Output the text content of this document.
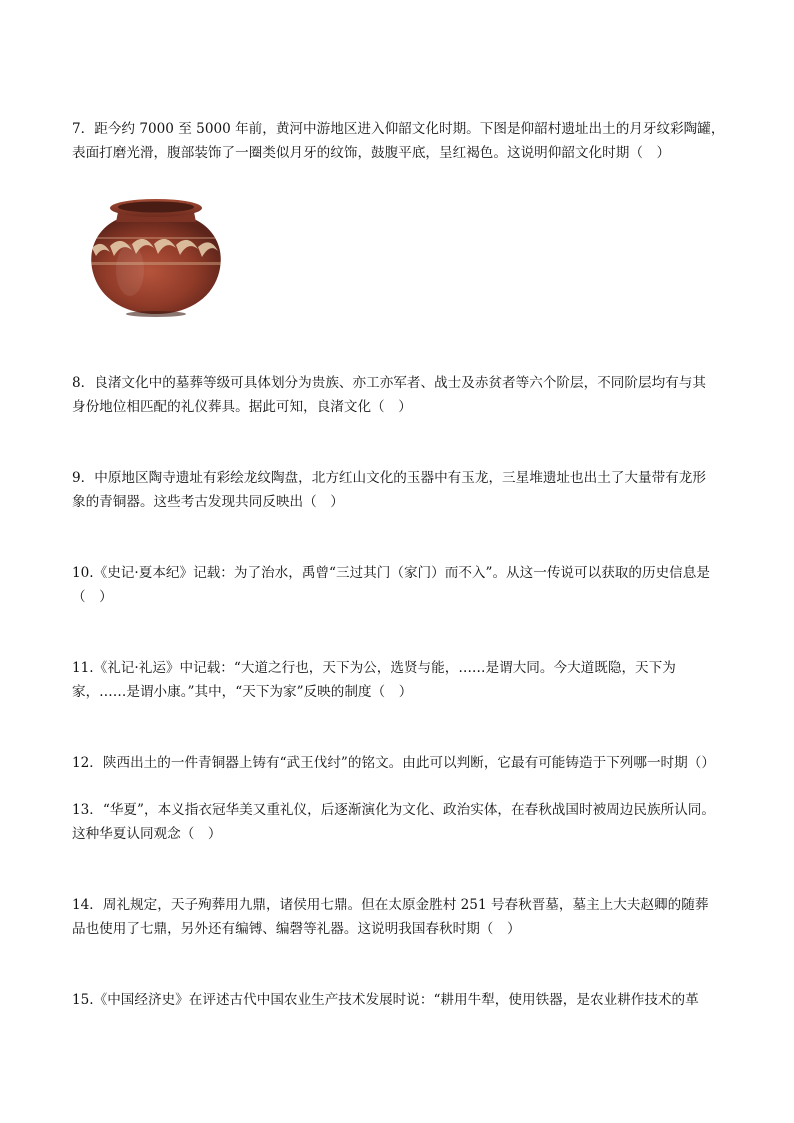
7．距今约 7000 至 5000 年前，黄河中游地区进入仰韶文化时期。下图是仰韶村遗址出土的月牙纹彩陶罐，
表面打磨光滑，腹部装饰了一圈类似月牙的纹饰，鼓腹平底，呈红褐色。这说明仰韶文化时期（　）
8．良渚文化中的墓葬等级可具体划分为贵族、亦工亦军者、战士及赤贫者等六个阶层，不同阶层均有与其
身份地位相匹配的礼仪葬具。据此可知，良渚文化（　）
9．中原地区陶寺遗址有彩绘龙纹陶盘，北方红山文化的玉器中有玉龙，三星堆遗址也出土了大量带有龙形
象的青铜器。这些考古发现共同反映出（　）
10.《史记·夏本纪》记载：为了治水，禹曾“三过其门（家门）而不入”。从这一传说可以获取的历史信息是
（　）
11.《礼记·礼运》中记载：“大道之行也，天下为公，选贤与能，……是谓大同。今大道既隐，天下为
家，……是谓小康。”其中，“天下为家”反映的制度（　）
12．陕西出土的一件青铜器上铸有“武王伐纣”的铭文。由此可以判断，它最有可能铸造于下列哪一时期（）
13．“华夏”，本义指衣冠华美又重礼仪，后逐渐演化为文化、政治实体，在春秋战国时被周边民族所认同。
这种华夏认同观念（　）
14．周礼规定，天子殉葬用九鼎，诸侯用七鼎。但在太原金胜村 251 号春秋晋墓，墓主上大夫赵卿的随葬
品也使用了七鼎，另外还有编镈、编磬等礼器。这说明我国春秋时期（　）
15.《中国经济史》在评述古代中国农业生产技术发展时说：“耕用牛犁，使用铁器，是农业耕作技术的革
